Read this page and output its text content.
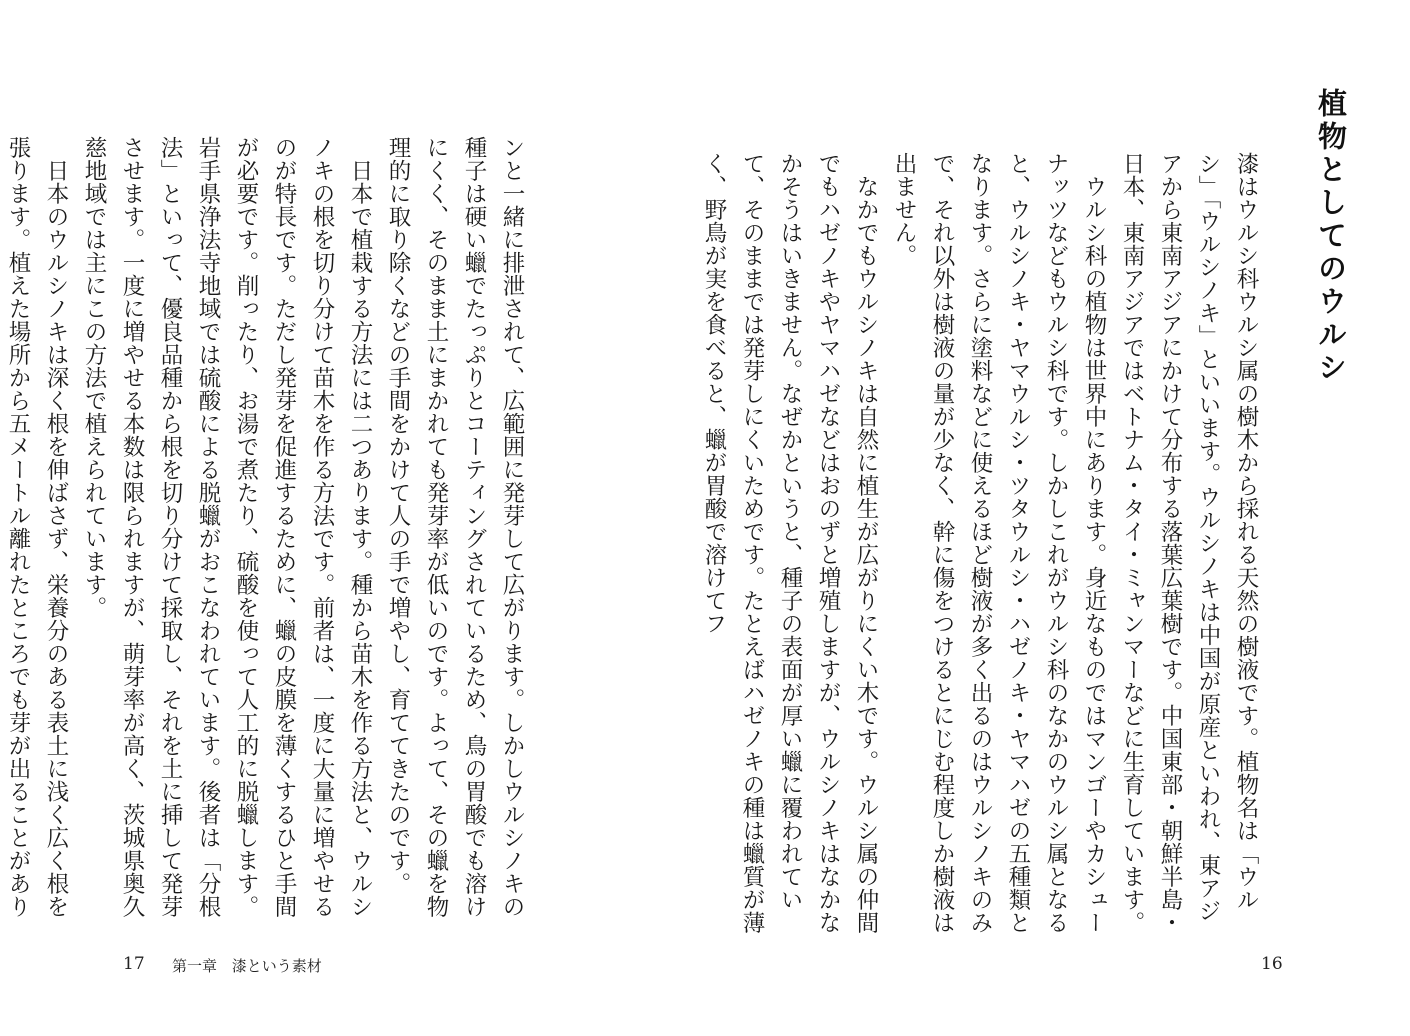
植物としてのウルシ

漆はウルシ科ウルシ属の樹木から採れる天然の樹液です。植物名は「ウルシ」「ウルシノキ」といいます。ウルシノキは中国が原産といわれ、東アジアから東南アジアにかけて分布する落葉広葉樹です。中国東部・朝鮮半島・日本、東南アジアではベトナム・タイ・ミャンマーなどに生育しています。

ウルシ科の植物は世界中にあります。身近なものではマンゴーやカシューナッツなどもウルシ科です。しかしこれがウルシ科のなかのウルシ属となると、ウルシノキ・ヤマウルシ・ツタウルシ・ハゼノキ・ヤマハゼの五種類となります。さらに塗料などに使えるほど樹液が多く出るのはウルシノキのみで、それ以外は樹液の量が少なく、幹に傷をつけるとにじむ程度しか樹液は出ません。

なかでもウルシノキは自然に植生が広がりにくい木です。ウルシ属の仲間でもハゼノキやヤマハゼなどはおのずと増殖しますが、ウルシノキはなかなかそうはいきません。なぜかというと、種子の表面が厚い蠟に覆われていて、そのままでは発芽しにくいためです。たとえばハゼノキの種は蠟質が薄く、野鳥が実を食べると、蠟が胃酸で溶けてフ

16

ンと一緒に排泄されて、広範囲に発芽して広がります。しかしウルシノキの種子は硬い蠟でたっぷりとコーティングされているため、鳥の胃酸でも溶けにくく、そのまま土にまかれても発芽率が低いのです。よって、その蠟を物理的に取り除くなどの手間をかけて人の手で増やし、育ててきたのです。

日本で植栽する方法には二つあります。種から苗木を作る方法と、ウルシノキの根を切り分けて苗木を作る方法です。前者は、一度に大量に増やせるのが特長です。ただし発芽を促進するために、蠟の皮膜を薄くするひと手間が必要です。削ったり、お湯で煮たり、硫酸を使って人工的に脱蠟します。岩手県浄法寺地域では硫酸による脱蠟がおこなわれています。後者は「分根法」といって、優良品種から根を切り分けて採取し、それを土に挿して発芽させます。一度に増やせる本数は限られますが、萌芽率が高く、茨城県奥久慈地域では主にこの方法で植えられています。

日本のウルシノキは深く根を伸ばさず、栄養分のある表土に浅く広く根を張ります。植えた場所から五メートル離れたところでも芽が出ることがあり

17 第一章 漆という素材
